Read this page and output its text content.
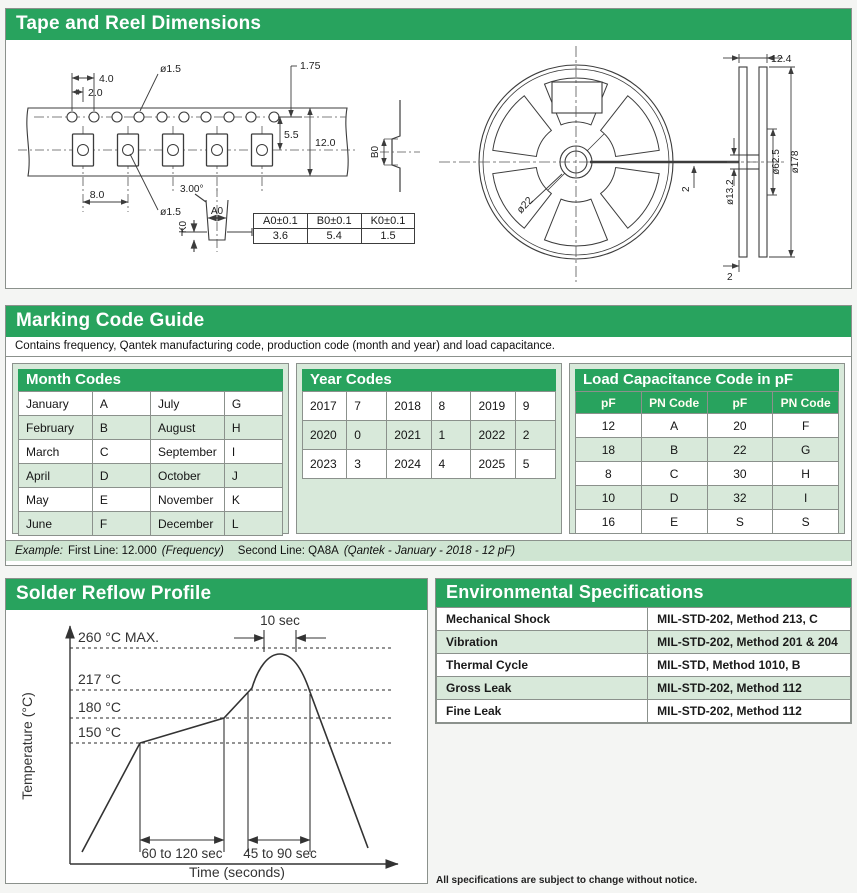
Tape and Reel Dimensions
4.0
2.0
ø1.5	1.75
5.5
12.0
8.0
ø1.5
3.00°
K0
A0
B0
A0±0.1	B0±0.1	K0±0.1
3.6	5.4	1.5
ø22
12.4
ø62.5 ø178
ø13.2
2
2
Marking Code Guide
Contains frequency, Qantek manufacturing code, production code (month and year) and load capacitance.
Month Codes
January	A	July	G
February	B	August	H
March	C	September	I
April	D	October	J
May	E	November	K
June	F	December	L
Year Codes
2017	7	2018	8	2019	9
2020	0	2021	1	2022	2
2023	3	2024	4	2025	5
Load Capacitance Code in pF
pF	PN Code	pF	PN Code
12	A	20	F
18	B	22	G
8	C	30	H
10	D	32	I
16	E	S	S
Example: First Line: 12.000 (Frequency) Second Line: QA8A (Qantek - January - 2018 - 12 pF)
Solder Reflow Profile
260 °C MAX.
217 °C
180 °C
150 °C
10 sec
60 to 120 sec 45 to 90 sec
Temperature (°C)
Time (seconds)
Environmental Specifications
Mechanical Shock	MIL-STD-202, Method 213, C
Vibration	MIL-STD-202, Method 201 & 204
Thermal Cycle	MIL-STD, Method 1010, B
Gross Leak	MIL-STD-202, Method 112
Fine Leak	MIL-STD-202, Method 112
All specifications are subject to change without notice.
